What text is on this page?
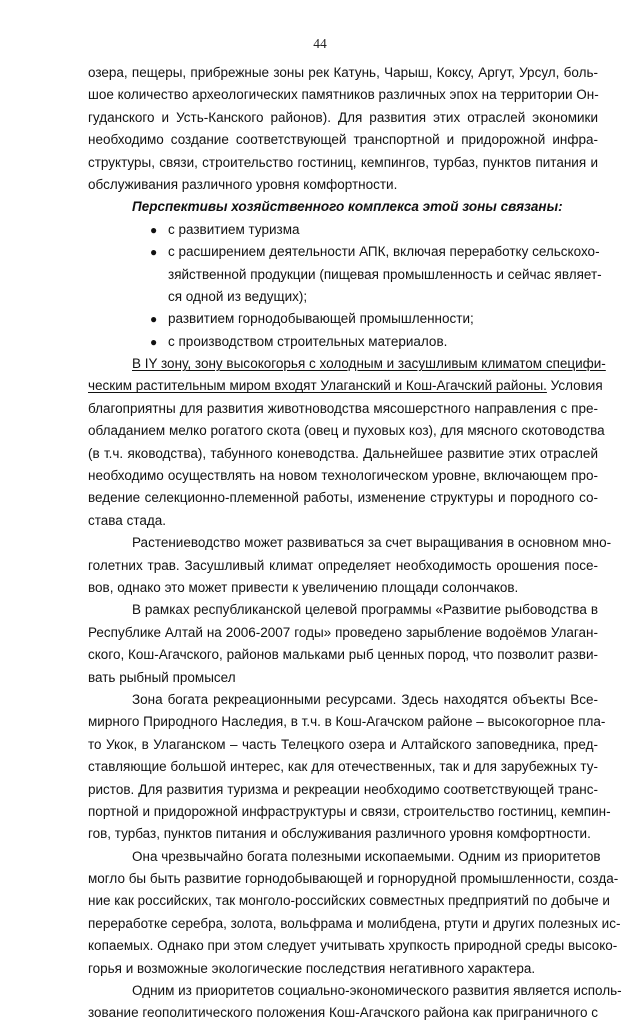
44
озера, пещеры, прибрежные зоны рек Катунь, Чарыш, Коксу, Аргут, Урсул, боль-
шое количество археологических памятников различных эпох на территории Он-
гуданского и Усть-Канского районов). Для развития этих отраслей экономики
необходимо создание соответствующей транспортной и придорожной инфра-
структуры, связи, строительство гостиниц, кемпингов, турбаз, пунктов питания и
обслуживания различного уровня комфортности.
Перспективы хозяйственного комплекса этой зоны связаны:
● с развитием туризма
● с расширением деятельности АПК, включая переработку сельскохо-
зяйственной продукции (пищевая промышленность и сейчас являет-
ся одной из ведущих);
● развитием горнодобывающей промышленности;
● с производством строительных материалов.
В IY зону, зону высокогорья с холодным и засушливым климатом специфи-
ческим растительным миром входят Улаганский и Кош-Агачский районы. Условия
благоприятны для развития животноводства мясошерстного направления с пре-
обладанием мелко рогатого скота (овец и пуховых коз), для мясного скотоводства
(в т.ч. яководства), табунного коневодства. Дальнейшее развитие этих отраслей
необходимо осуществлять на новом технологическом уровне, включающем про-
ведение селекционно-племенной работы, изменение структуры и породного со-
става стада.
Растениеводство может развиваться за счет выращивания в основном мно-
голетних трав. Засушливый климат определяет необходимость орошения посе-
вов, однако это может привести к увеличению площади солончаков.
В рамках республиканской целевой программы «Развитие рыбоводства в
Республике Алтай на 2006-2007 годы» проведено зарыбление водоёмов Улаган-
ского, Кош-Агачского, районов мальками рыб ценных пород, что позволит разви-
вать рыбный промысел
Зона богата рекреационными ресурсами. Здесь находятся объекты Все-
мирного Природного Наследия, в т.ч. в Кош-Агачском районе – высокогорное пла-
то Укок, в Улаганском – часть Телецкого озера и Алтайского заповедника, пред-
ставляющие большой интерес, как для отечественных, так и для зарубежных ту-
ристов. Для развития туризма и рекреации необходимо соответствующей транс-
портной и придорожной инфраструктуры и связи, строительство гостиниц, кемпин-
гов, турбаз, пунктов питания и обслуживания различного уровня комфортности.
Она чрезвычайно богата полезными ископаемыми. Одним из приоритетов
могло бы быть развитие горнодобывающей и горнорудной промышленности, созда-
ние как российских, так монголо-российских совместных предприятий по добыче и
переработке серебра, золота, вольфрама и молибдена, ртути и других полезных ис-
копаемых. Однако при этом следует учитывать хрупкость природной среды высоко-
горья и возможные экологические последствия негативного характера.
Одним из приоритетов социально-экономического развития является исполь-
зование геополитического положения Кош-Агачского района как приграничного с
